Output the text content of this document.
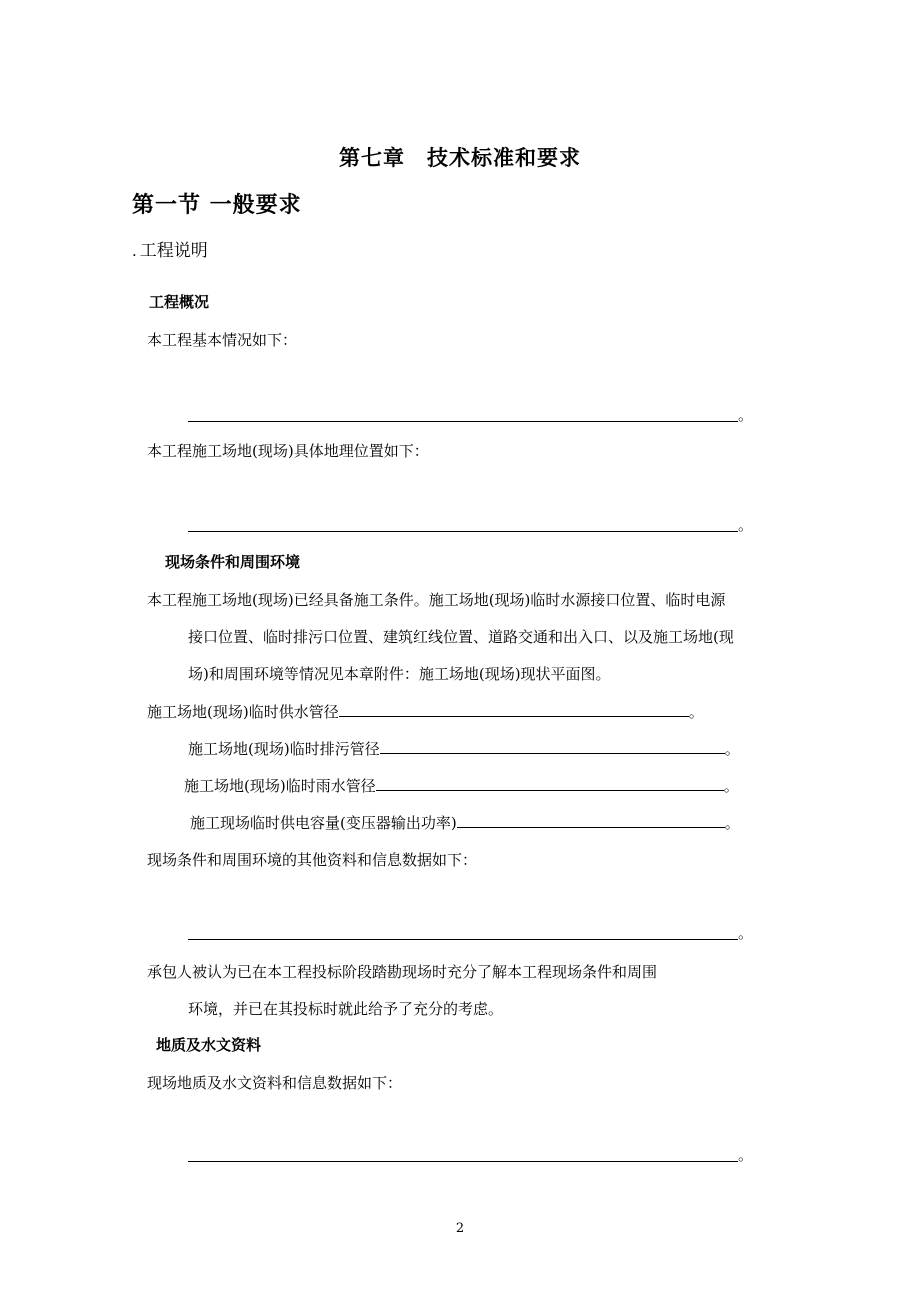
第七章　技术标准和要求
第一节 一般要求
. 工程说明
工程概况
本工程基本情况如下：
。
本工程施工场地(现场)具体地理位置如下：
。
现场条件和周围环境
本工程施工场地(现场)已经具备施工条件。施工场地(现场)临时水源接口位置、临时电源
接口位置、临时排污口位置、建筑红线位置、道路交通和出入口、以及施工场地(现
场)和周围环境等情况见本章附件：施工场地(现场)现状平面图。
施工场地(现场)临时供水管径	。
施工场地(现场)临时排污管径	。
施工场地(现场)临时雨水管径	。
施工现场临时供电容量(变压器输出功率)	。
现场条件和周围环境的其他资料和信息数据如下：
。
承包人被认为已在本工程投标阶段踏勘现场时充分了解本工程现场条件和周围
环境，并已在其投标时就此给予了充分的考虑。
地质及水文资料
现场地质及水文资料和信息数据如下：
。
2
